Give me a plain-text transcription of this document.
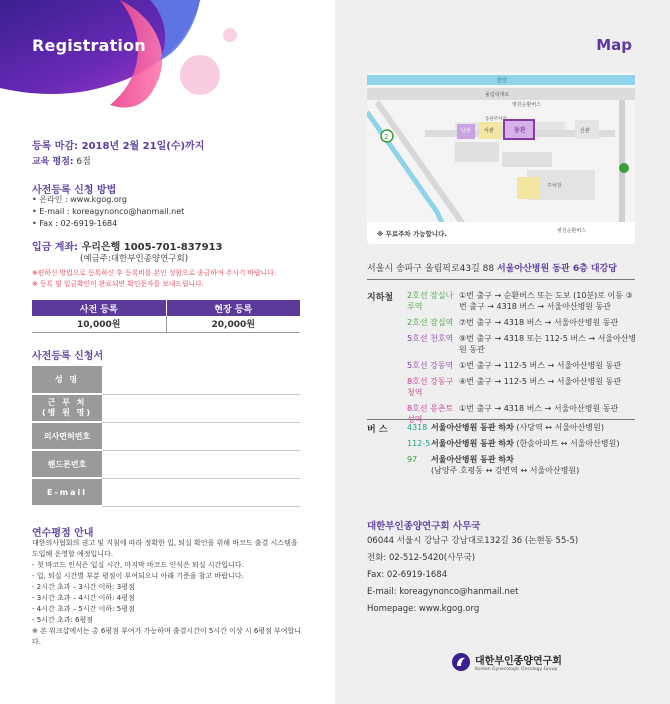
Registration
등록 마감: 2018년 2월 21일(수)까지
교육 평점: 6점
사전등록 신청 방법
• 온라인 : www.kgog.org
• E-mail : koreagynonco@hanmail.net
• Fax : 02-6919-1684
입금 계좌: 우리은행 1005-701-837913
(예금주:대한부인종양연구회)
※편하신 방법으로 등록하신 후 등록비를 본인 성함으로 송금하여 주시기 바랍니다.
※ 등록 및 입금확인이 완료되면 확인문자를 보내드립니다.
사전 등록	현장 등록
10,000원	20,000원
사전등록 신청서
성 명	
근 무 처
(병 원 명)	
의사면허번호	
핸드폰번호	
E-mail	
연수평점 안내
대한의사협회의 권고 및 지침에 따라 정확한 입, 퇴실 확인을 위해 바코드 출결 시스템을 도입해 운영할 예정입니다.
- 첫 바코드 인식은 입실 시간, 마지막 바코드 인식은 퇴실 시간입니다.
- 입, 퇴실 시간별 부분 평점이 부여되오니 아래 기준을 참고 바랍니다.
- 2시간 초과 – 3시간 이하: 3평점
- 3시간 초과 – 4시간 이하: 4평점
- 4시간 초과 – 5시간 이하: 5평점
- 5시간 초과: 6평점
※ 본 워크샵에서는 총 6평점 부여가 가능하며 출결시간이 5시간 이상 시 6평점 부여합니다.
Map
2
한강
올림픽대로
병원순환버스
동관
서관
남관	신관
동관주차장
주차장
※ 무료주차 가능합니다.	병원순환버스
서울시 송파구 올림픽로43길 88 서울아산병원 동관 6층 대강당
지하철 2호선 잠실나루역
①번 출구 → 순환버스 또는 도보 (10분)로 이동 ③번 출구 → 4318 버스 → 서울아산병원 동관
2호선 잠실역 ⑦번 출구 → 4318 버스 → 서울아산병원 동관
5호선 천호역 ⑨번 출구 → 4318 또는 112-5 버스 → 서울아산병원 동관
5호선 강동역 ①번 출구 → 112-5 버스 → 서울아산병원 동관
8호선 강동구청역
④번 출구 → 112-5 버스 → 서울아산병원 동관
8호선 몽촌토 ①번 출구 → 4318 버스 → 서울아산병원 동관
버 스 4318 서울아산병원 동관 하차 (사당역 ↔ 서울아산병원)
112-5 서울아산병원 동관 하차 (한솔아파트 ↔ 서울아산병원)
97	서울아산병원 동관 하차
(남양주 호평동 ↔ 강변역 ↔ 서울아산병원)
대한부인종양연구회 사무국
06044 서울시 강남구 강남대로132길 36 (논현동 55-5)
전화: 02-512-5420(사무국)
Fax: 02-6919-1684
E-mail: koreagynonco@hanmail.net
Homepage: www.kgog.org
대한부인종양연구회
Korean Gynecologic Oncology Group
